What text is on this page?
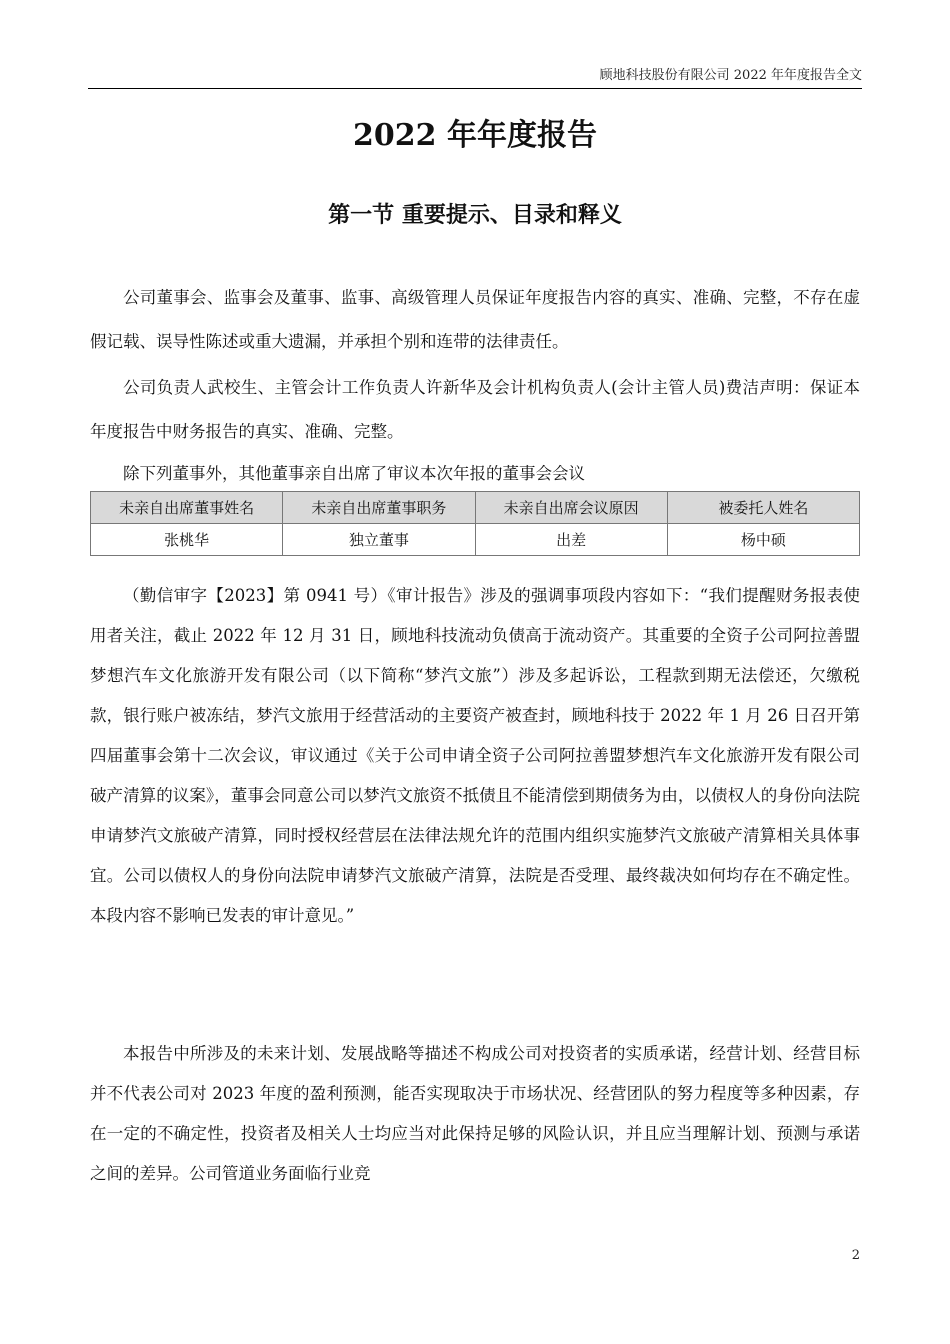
顾地科技股份有限公司 2022 年年度报告全文
2022 年年度报告
第一节 重要提示、目录和释义

公司董事会、监事会及董事、监事、高级管理人员保证年度报告内容的真实、准确、完整，不存在虚假记载、误导性陈述或重大遗漏，并承担个别和连带的法律责任。

公司负责人武校生、主管会计工作负责人许新华及会计机构负责人(会计主管人员)费洁声明：保证本年度报告中财务报告的真实、准确、完整。

除下列董事外，其他董事亲自出席了审议本次年报的董事会会议

未亲自出席董事姓名	未亲自出席董事职务	未亲自出席会议原因	被委托人姓名
张桃华	独立董事	出差	杨中硕

（勤信审字【2023】第 0941 号）《审计报告》涉及的强调事项段内容如下：“我们提醒财务报表使用者关注，截止 2022 年 12 月 31 日，顾地科技流动负债高于流动资产。其重要的全资子公司阿拉善盟梦想汽车文化旅游开发有限公司（以下简称“梦汽文旅”）涉及多起诉讼，工程款到期无法偿还，欠缴税款，银行账户被冻结，梦汽文旅用于经营活动的主要资产被查封，顾地科技于 2022 年 1 月 26 日召开第四届董事会第十二次会议，审议通过《关于公司申请全资子公司阿拉善盟梦想汽车文化旅游开发有限公司破产清算的议案》，董事会同意公司以梦汽文旅资不抵债且不能清偿到期债务为由，以债权人的身份向法院申请梦汽文旅破产清算，同时授权经营层在法律法规允许的范围内组织实施梦汽文旅破产清算相关具体事宜。公司以债权人的身份向法院申请梦汽文旅破产清算，法院是否受理、最终裁决如何均存在不确定性。本段内容不影响已发表的审计意见。”

本报告中所涉及的未来计划、发展战略等描述不构成公司对投资者的实质承诺，经营计划、经营目标并不代表公司对 2023 年度的盈利预测，能否实现取决于市场状况、经营团队的努力程度等多种因素，存在一定的不确定性，投资者及相关人士均应当对此保持足够的风险认识，并且应当理解计划、预测与承诺之间的差异。公司管道业务面临行业竞

2
